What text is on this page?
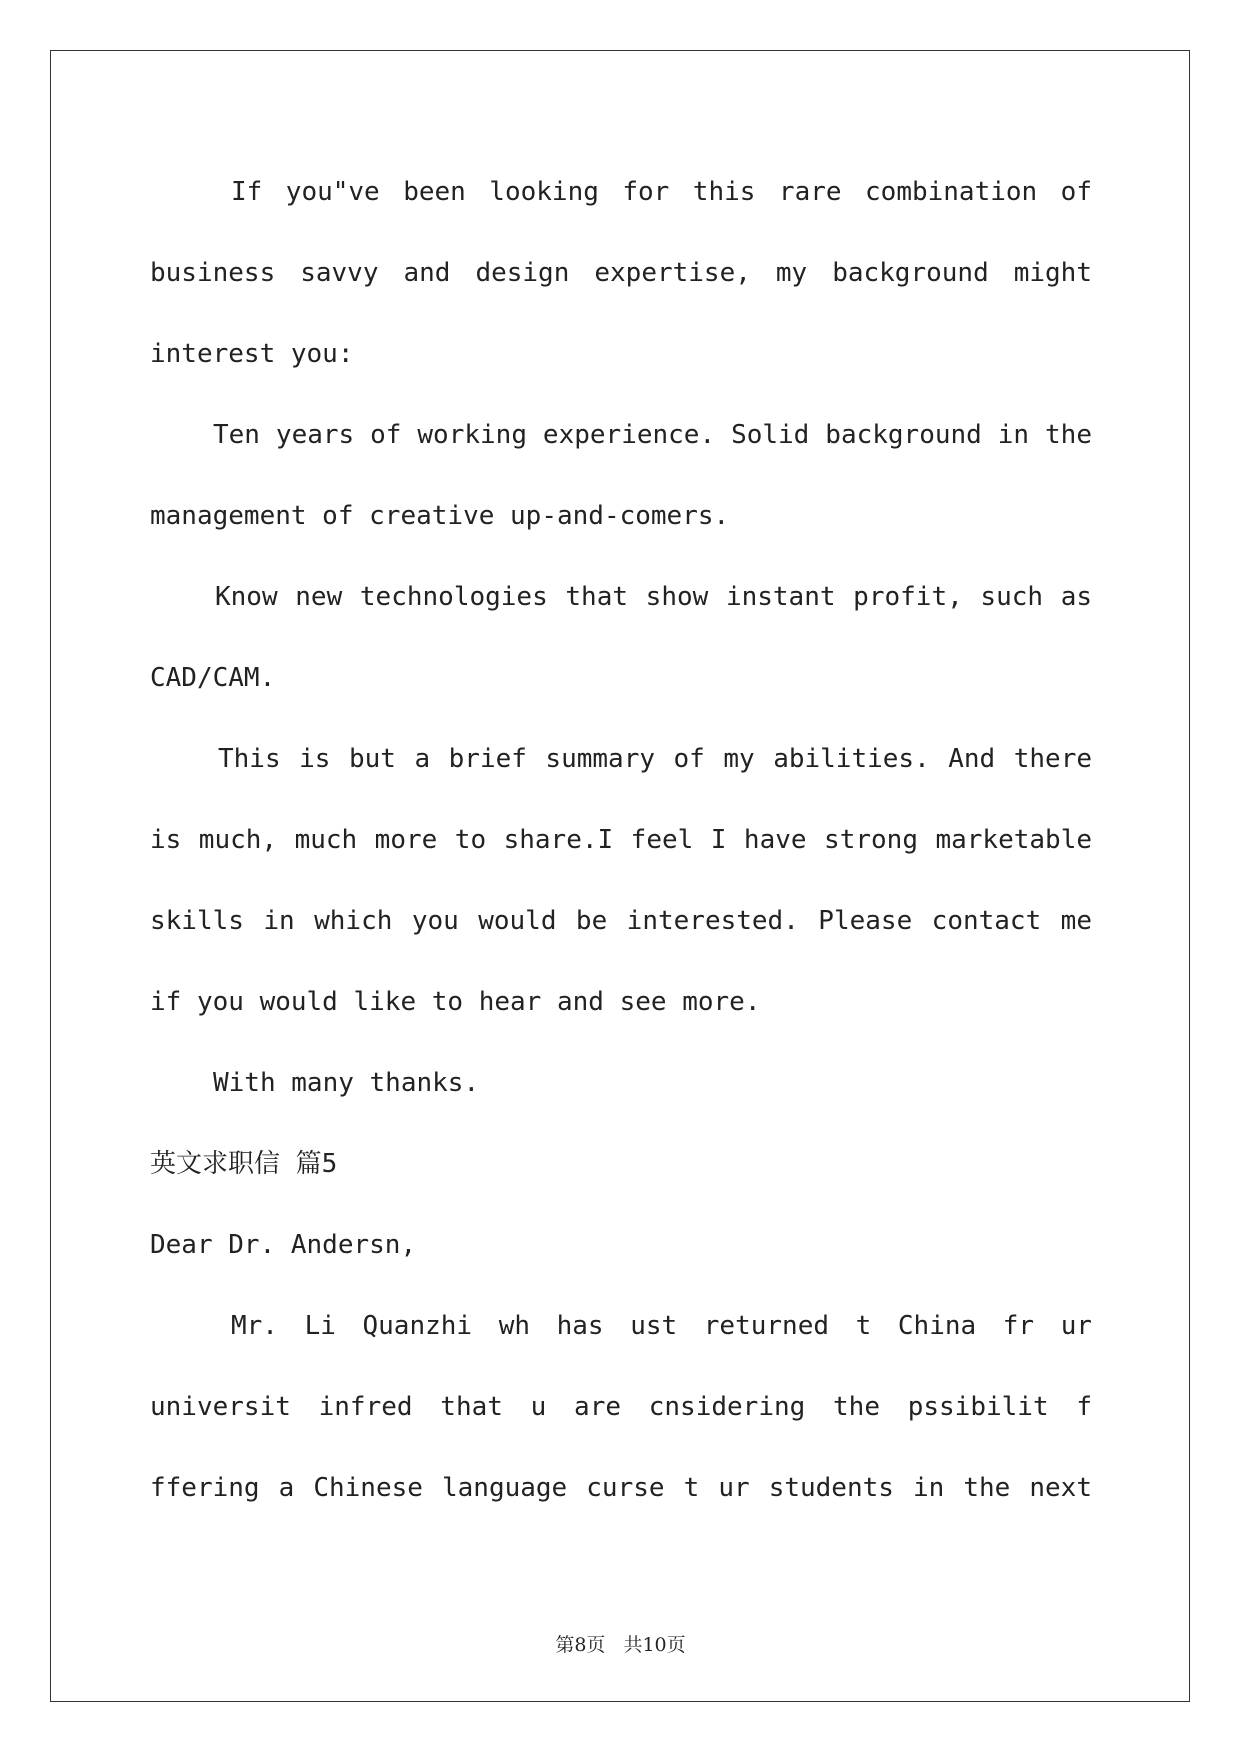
If you"ve been looking for this rare combination of
business savvy and design expertise, my background might
interest you:
Ten years of working experience. Solid background in the
management of creative up-and-comers.
Know new technologies that show instant profit, such as
CAD/CAM.
This is but a brief summary of my abilities. And there
is much, much more to share.I feel I have strong marketable
skills in which you would be interested. Please contact me
if you would like to hear and see more.
With many thanks.
英文求职信 篇5
Dear Dr. Andersn,
Mr. Li Quanzhi wh has ust returned t China fr ur
universit infred that u are cnsidering the pssibilit f
ffering a Chinese language curse t ur students in the next
第8页 共10页
